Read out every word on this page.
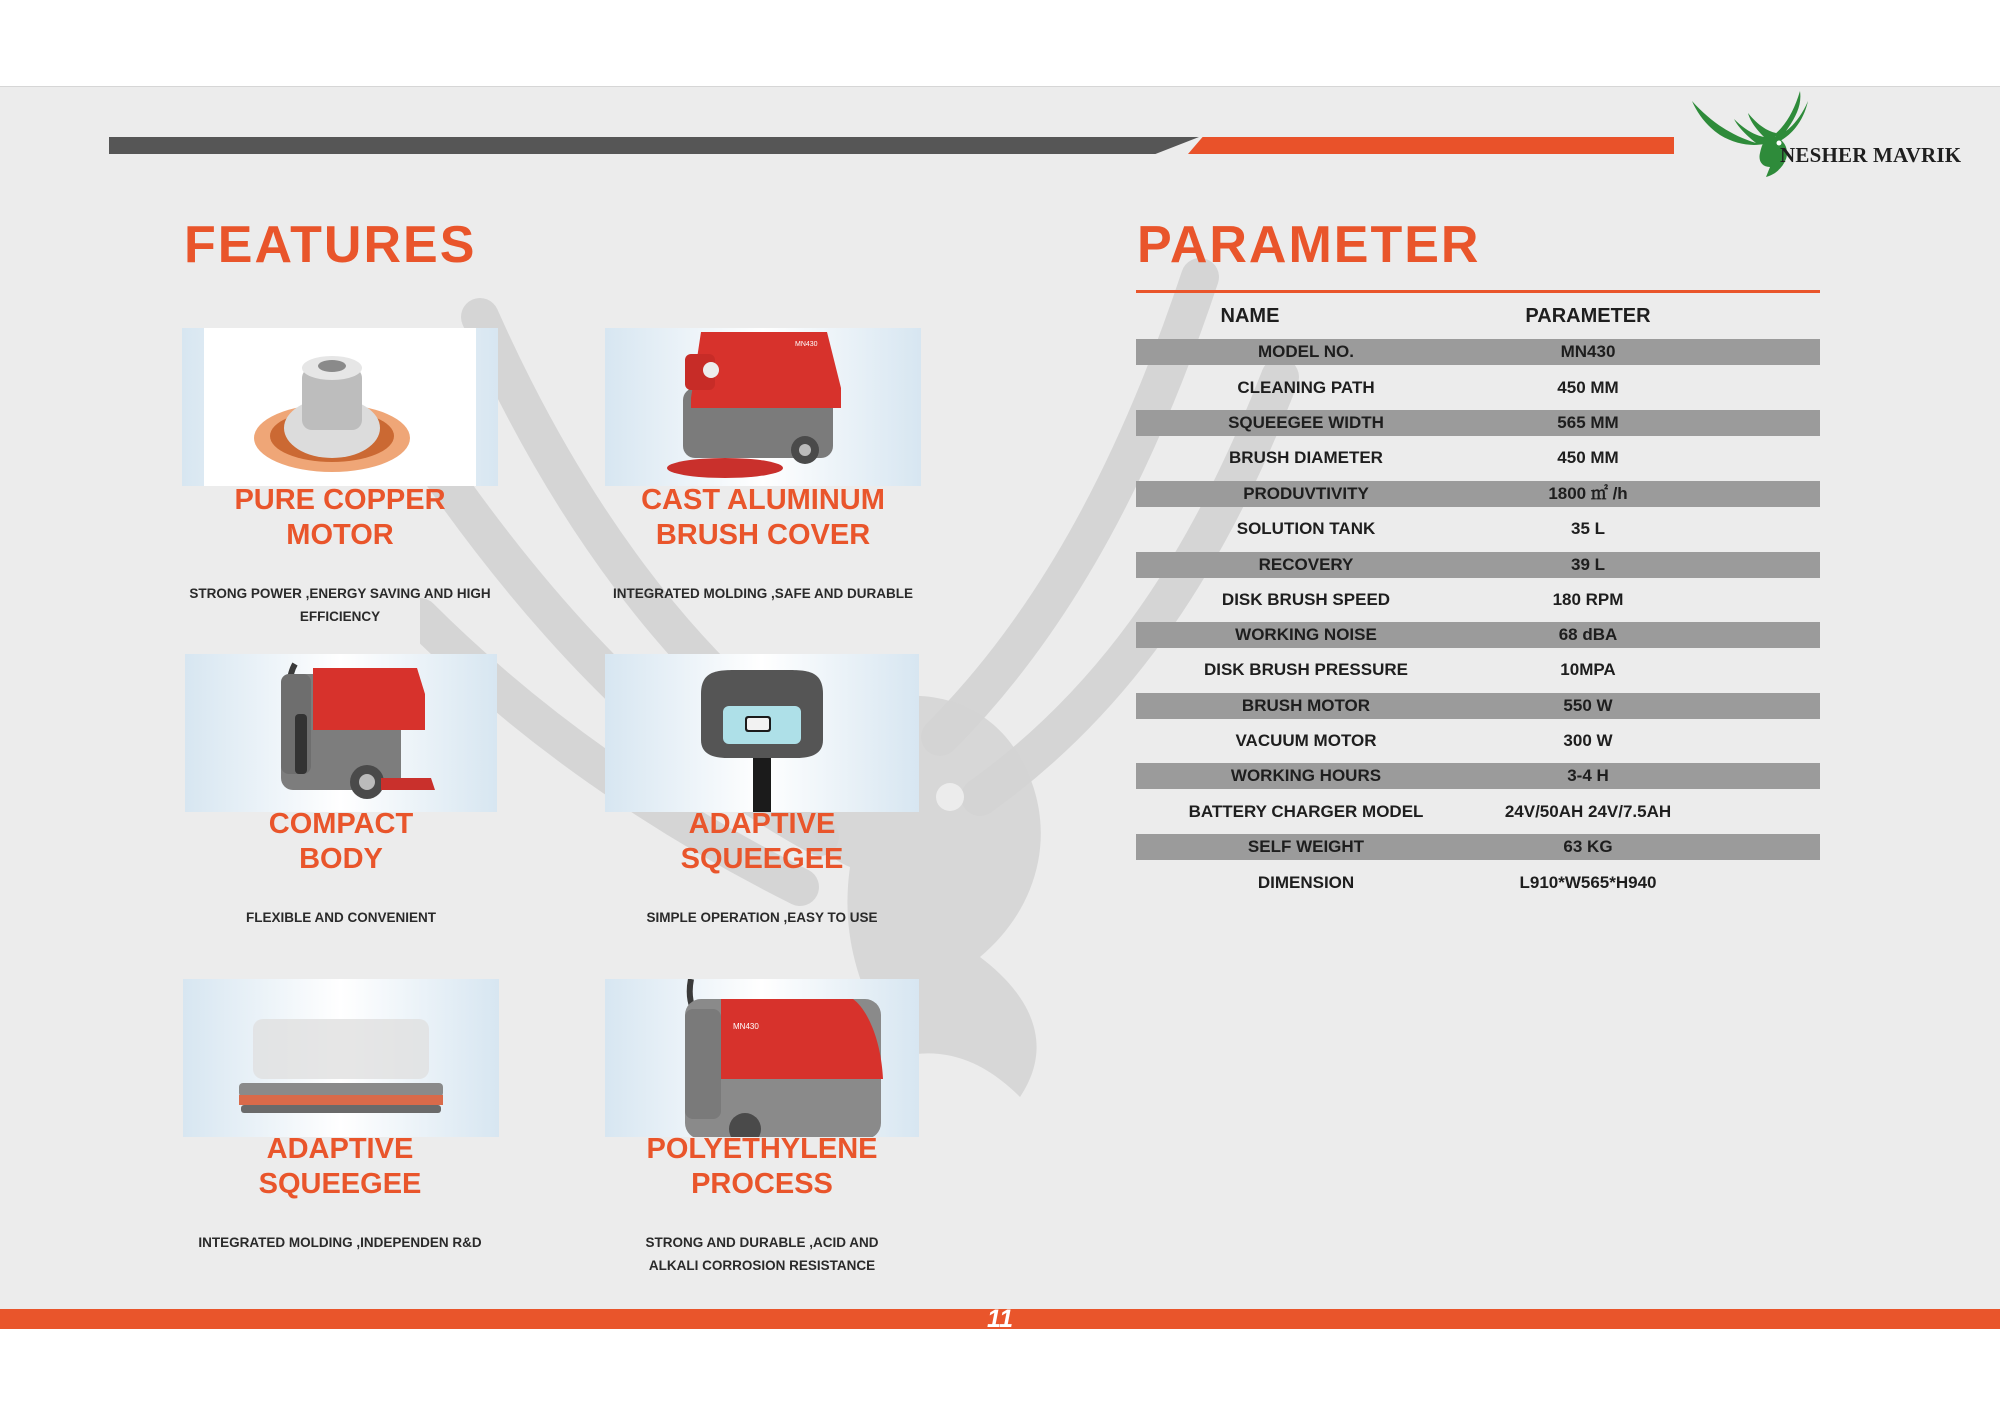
NESHER MAVRIK
FEATURES
PURE COPPER
MOTOR
STRONG POWER ,ENERGY SAVING AND HIGH
EFFICIENCY
MN430
CAST ALUMINUM
BRUSH COVER
INTEGRATED MOLDING ,SAFE AND DURABLE
COMPACT
BODY
FLEXIBLE AND CONVENIENT
ADAPTIVE
SQUEEGEE
SIMPLE OPERATION ,EASY TO USE
ADAPTIVE
SQUEEGEE
INTEGRATED MOLDING ,INDEPENDEN R&D
MN430
POLYETHYLENE
PROCESS
STRONG AND DURABLE ,ACID AND
ALKALI CORROSION RESISTANCE
PARAMETER
NAME	PARAMETER
MODEL NO.	MN430
CLEANING PATH	450 MM
SQUEEGEE WIDTH	565 MM
BRUSH DIAMETER	450 MM
PRODUVTIVITY	1800 ㎡ /h
SOLUTION TANK	35 L
RECOVERY	39 L
DISK BRUSH SPEED	180 RPM
WORKING NOISE	68 dBA
DISK BRUSH PRESSURE	10MPA
BRUSH MOTOR	550 W
VACUUM MOTOR	300 W
WORKING HOURS	3-4 H
BATTERY CHARGER MODEL	24V/50AH 24V/7.5AH
SELF WEIGHT	63 KG
DIMENSION	L910*W565*H940
11
